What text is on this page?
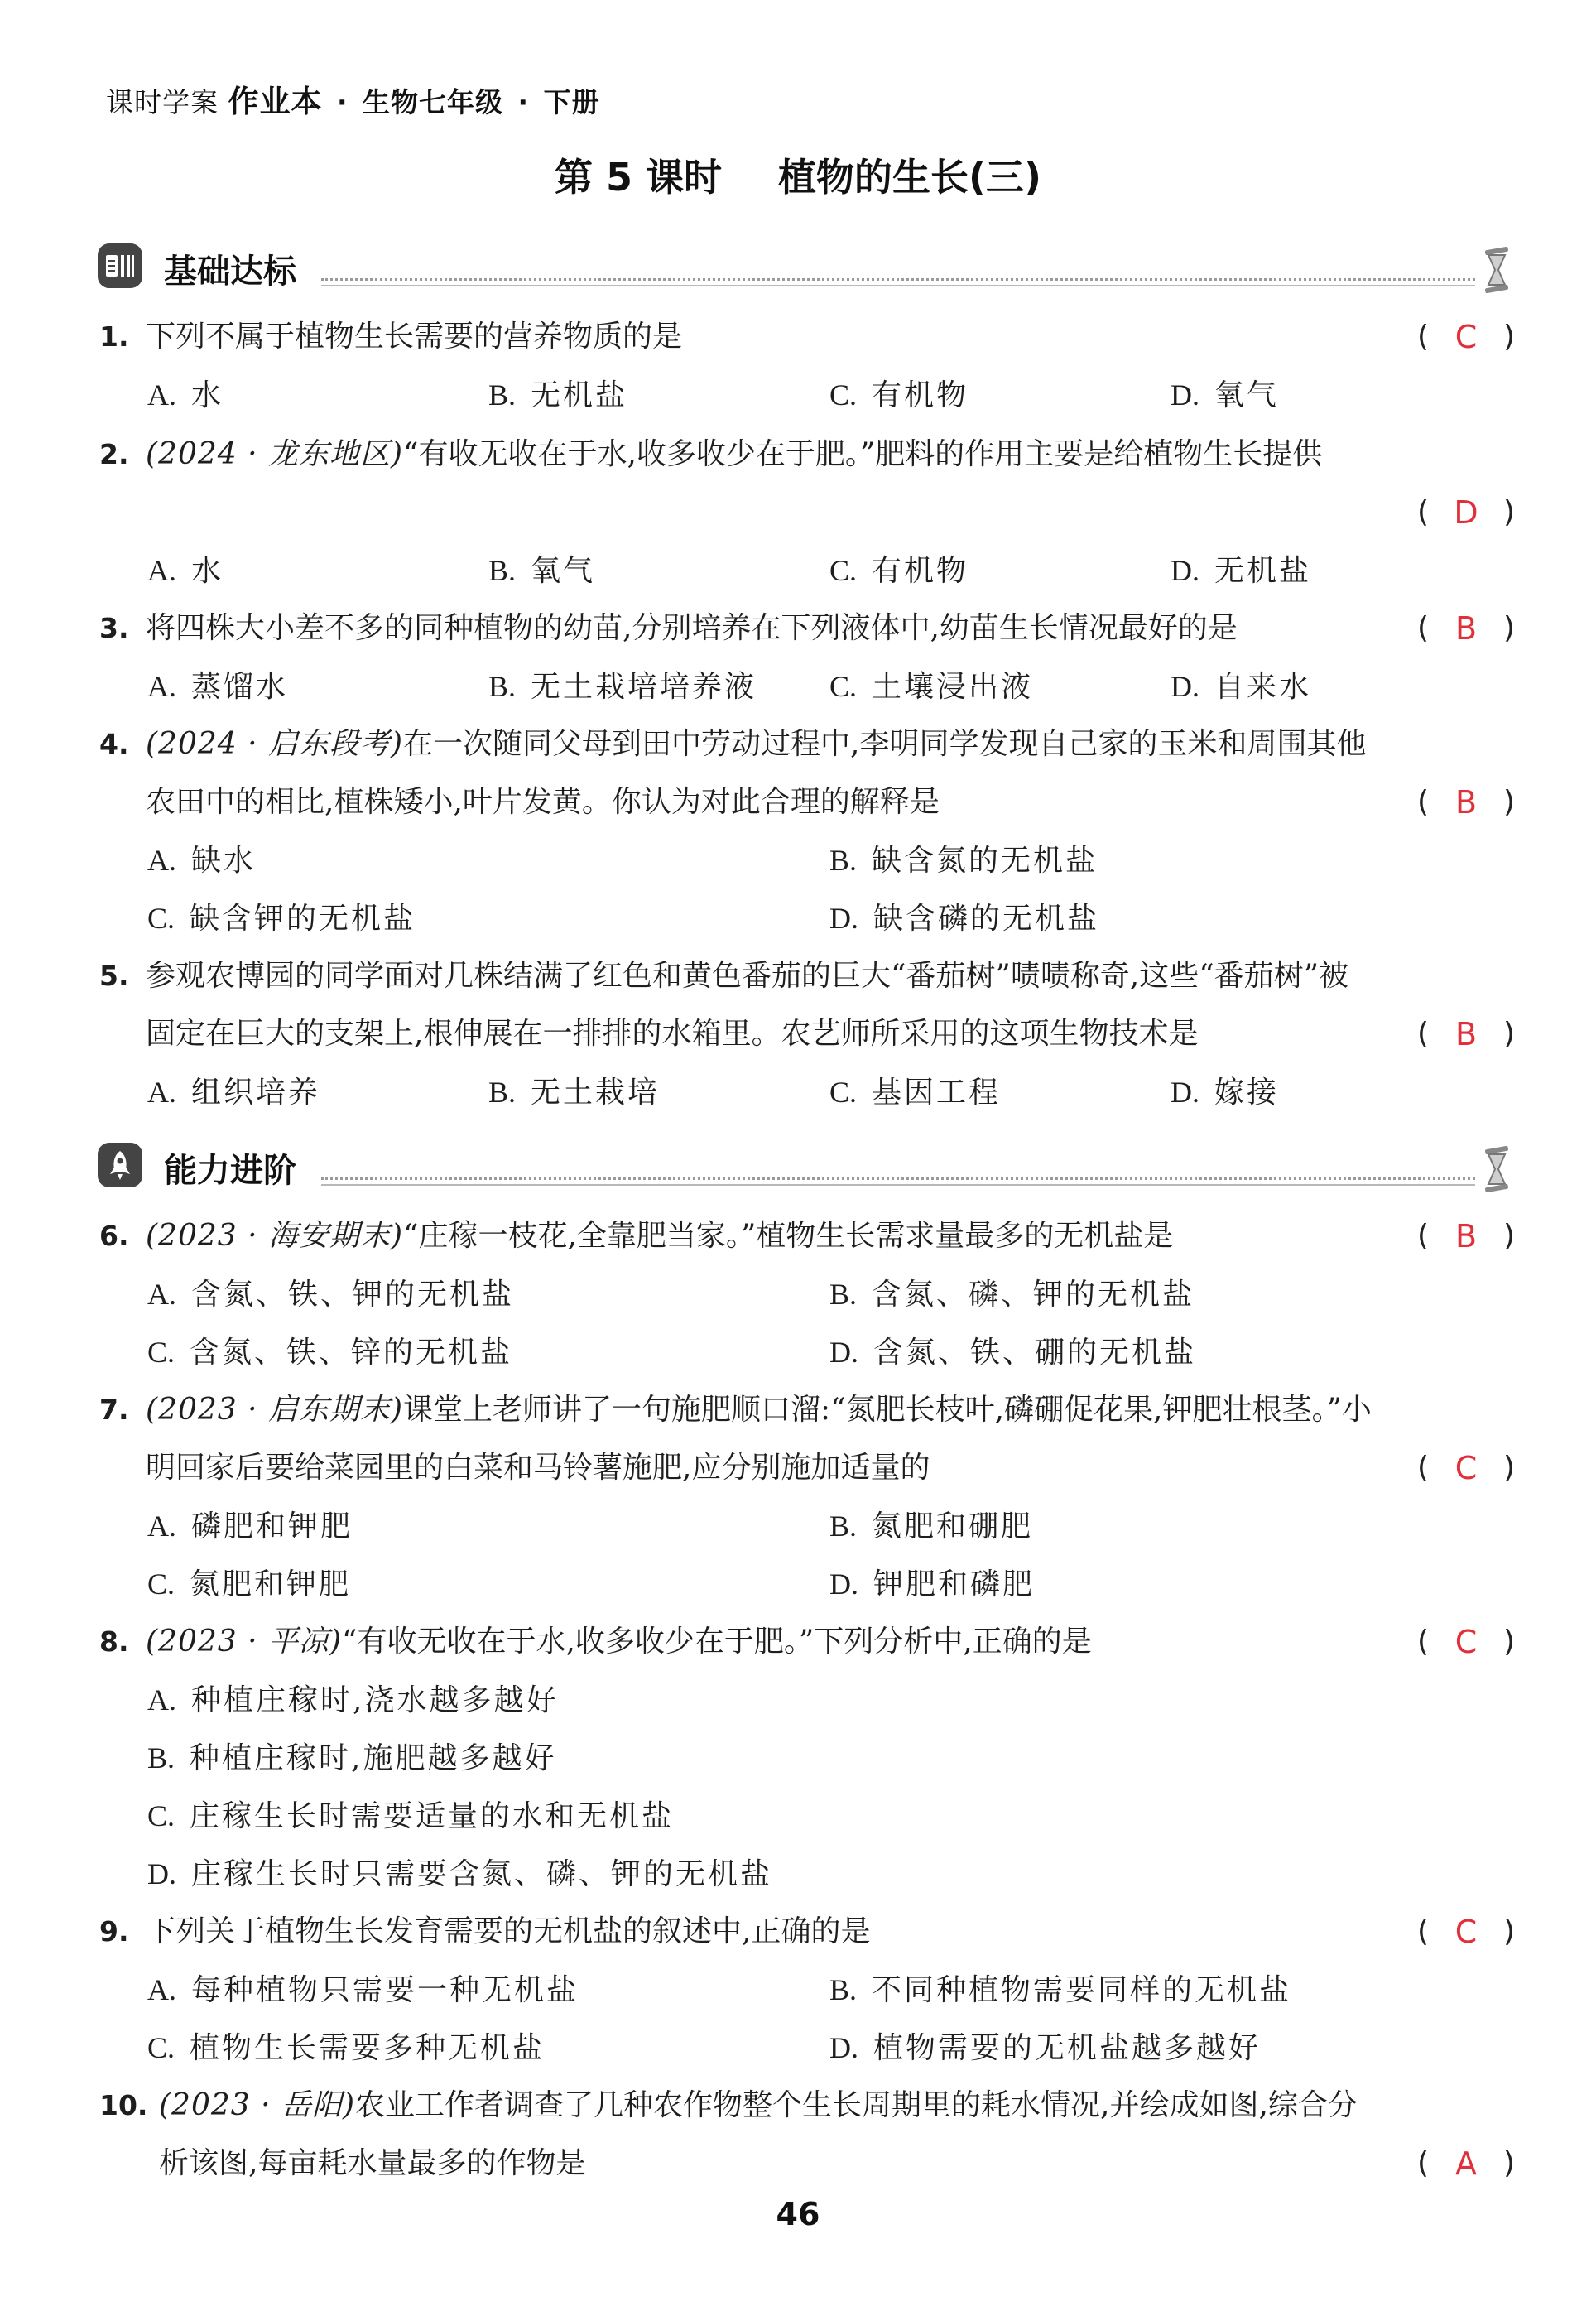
课时学案 作业本 · 生物七年级 · 下册
第 5 课时 植物的生长(三)
基础达标
1. 下列不属于植物生长需要的营养物质的是	( C )
A. 水	B. 无机盐	C. 有机物	D. 氧气
2. (2024 · 龙东地区)“有收无收在于水,收多收少在于肥。”肥料的作用主要是给植物生长提供
( D )
A. 水	B. 氧气	C. 有机物	D. 无机盐
3. 将四株大小差不多的同种植物的幼苗,分别培养在下列液体中,幼苗生长情况最好的是	( B )
A. 蒸馏水	B. 无土栽培培养液 C. 土壤浸出液	D. 自来水
4. (2024 · 启东段考)在一次随同父母到田中劳动过程中,李明同学发现自己家的玉米和周围其他
农田中的相比,植株矮小,叶片发黄。你认为对此合理的解释是	( B )
A. 缺水	B. 缺含氮的无机盐
C. 缺含钾的无机盐	D. 缺含磷的无机盐
5. 参观农博园的同学面对几株结满了红色和黄色番茄的巨大“番茄树”啧啧称奇,这些“番茄树”被
固定在巨大的支架上,根伸展在一排排的水箱里。农艺师所采用的这项生物技术是	( B )
A. 组织培养	B. 无土栽培	C. 基因工程	D. 嫁接
能力进阶
6. (2023 · 海安期末)“庄稼一枝花,全靠肥当家。”植物生长需求量最多的无机盐是	( B )
A. 含氮、铁、钾的无机盐	B. 含氮、磷、钾的无机盐
C. 含氮、铁、锌的无机盐	D. 含氮、铁、硼的无机盐
7. (2023 · 启东期末)课堂上老师讲了一句施肥顺口溜:“氮肥长枝叶,磷硼促花果,钾肥壮根茎。”小
明回家后要给菜园里的白菜和马铃薯施肥,应分别施加适量的	( C )
A. 磷肥和钾肥	B. 氮肥和硼肥
C. 氮肥和钾肥	D. 钾肥和磷肥
8. (2023 · 平凉)“有收无收在于水,收多收少在于肥。”下列分析中,正确的是	( C )
A. 种植庄稼时,浇水越多越好
B. 种植庄稼时,施肥越多越好
C. 庄稼生长时需要适量的水和无机盐
D. 庄稼生长时只需要含氮、磷、钾的无机盐
9. 下列关于植物生长发育需要的无机盐的叙述中,正确的是	( C )
A. 每种植物只需要一种无机盐	B. 不同种植物需要同样的无机盐
C. 植物生长需要多种无机盐	D. 植物需要的无机盐越多越好
10. (2023 · 岳阳)农业工作者调查了几种农作物整个生长周期里的耗水情况,并绘成如图,综合分
析该图,每亩耗水量最多的作物是	( A )
46
